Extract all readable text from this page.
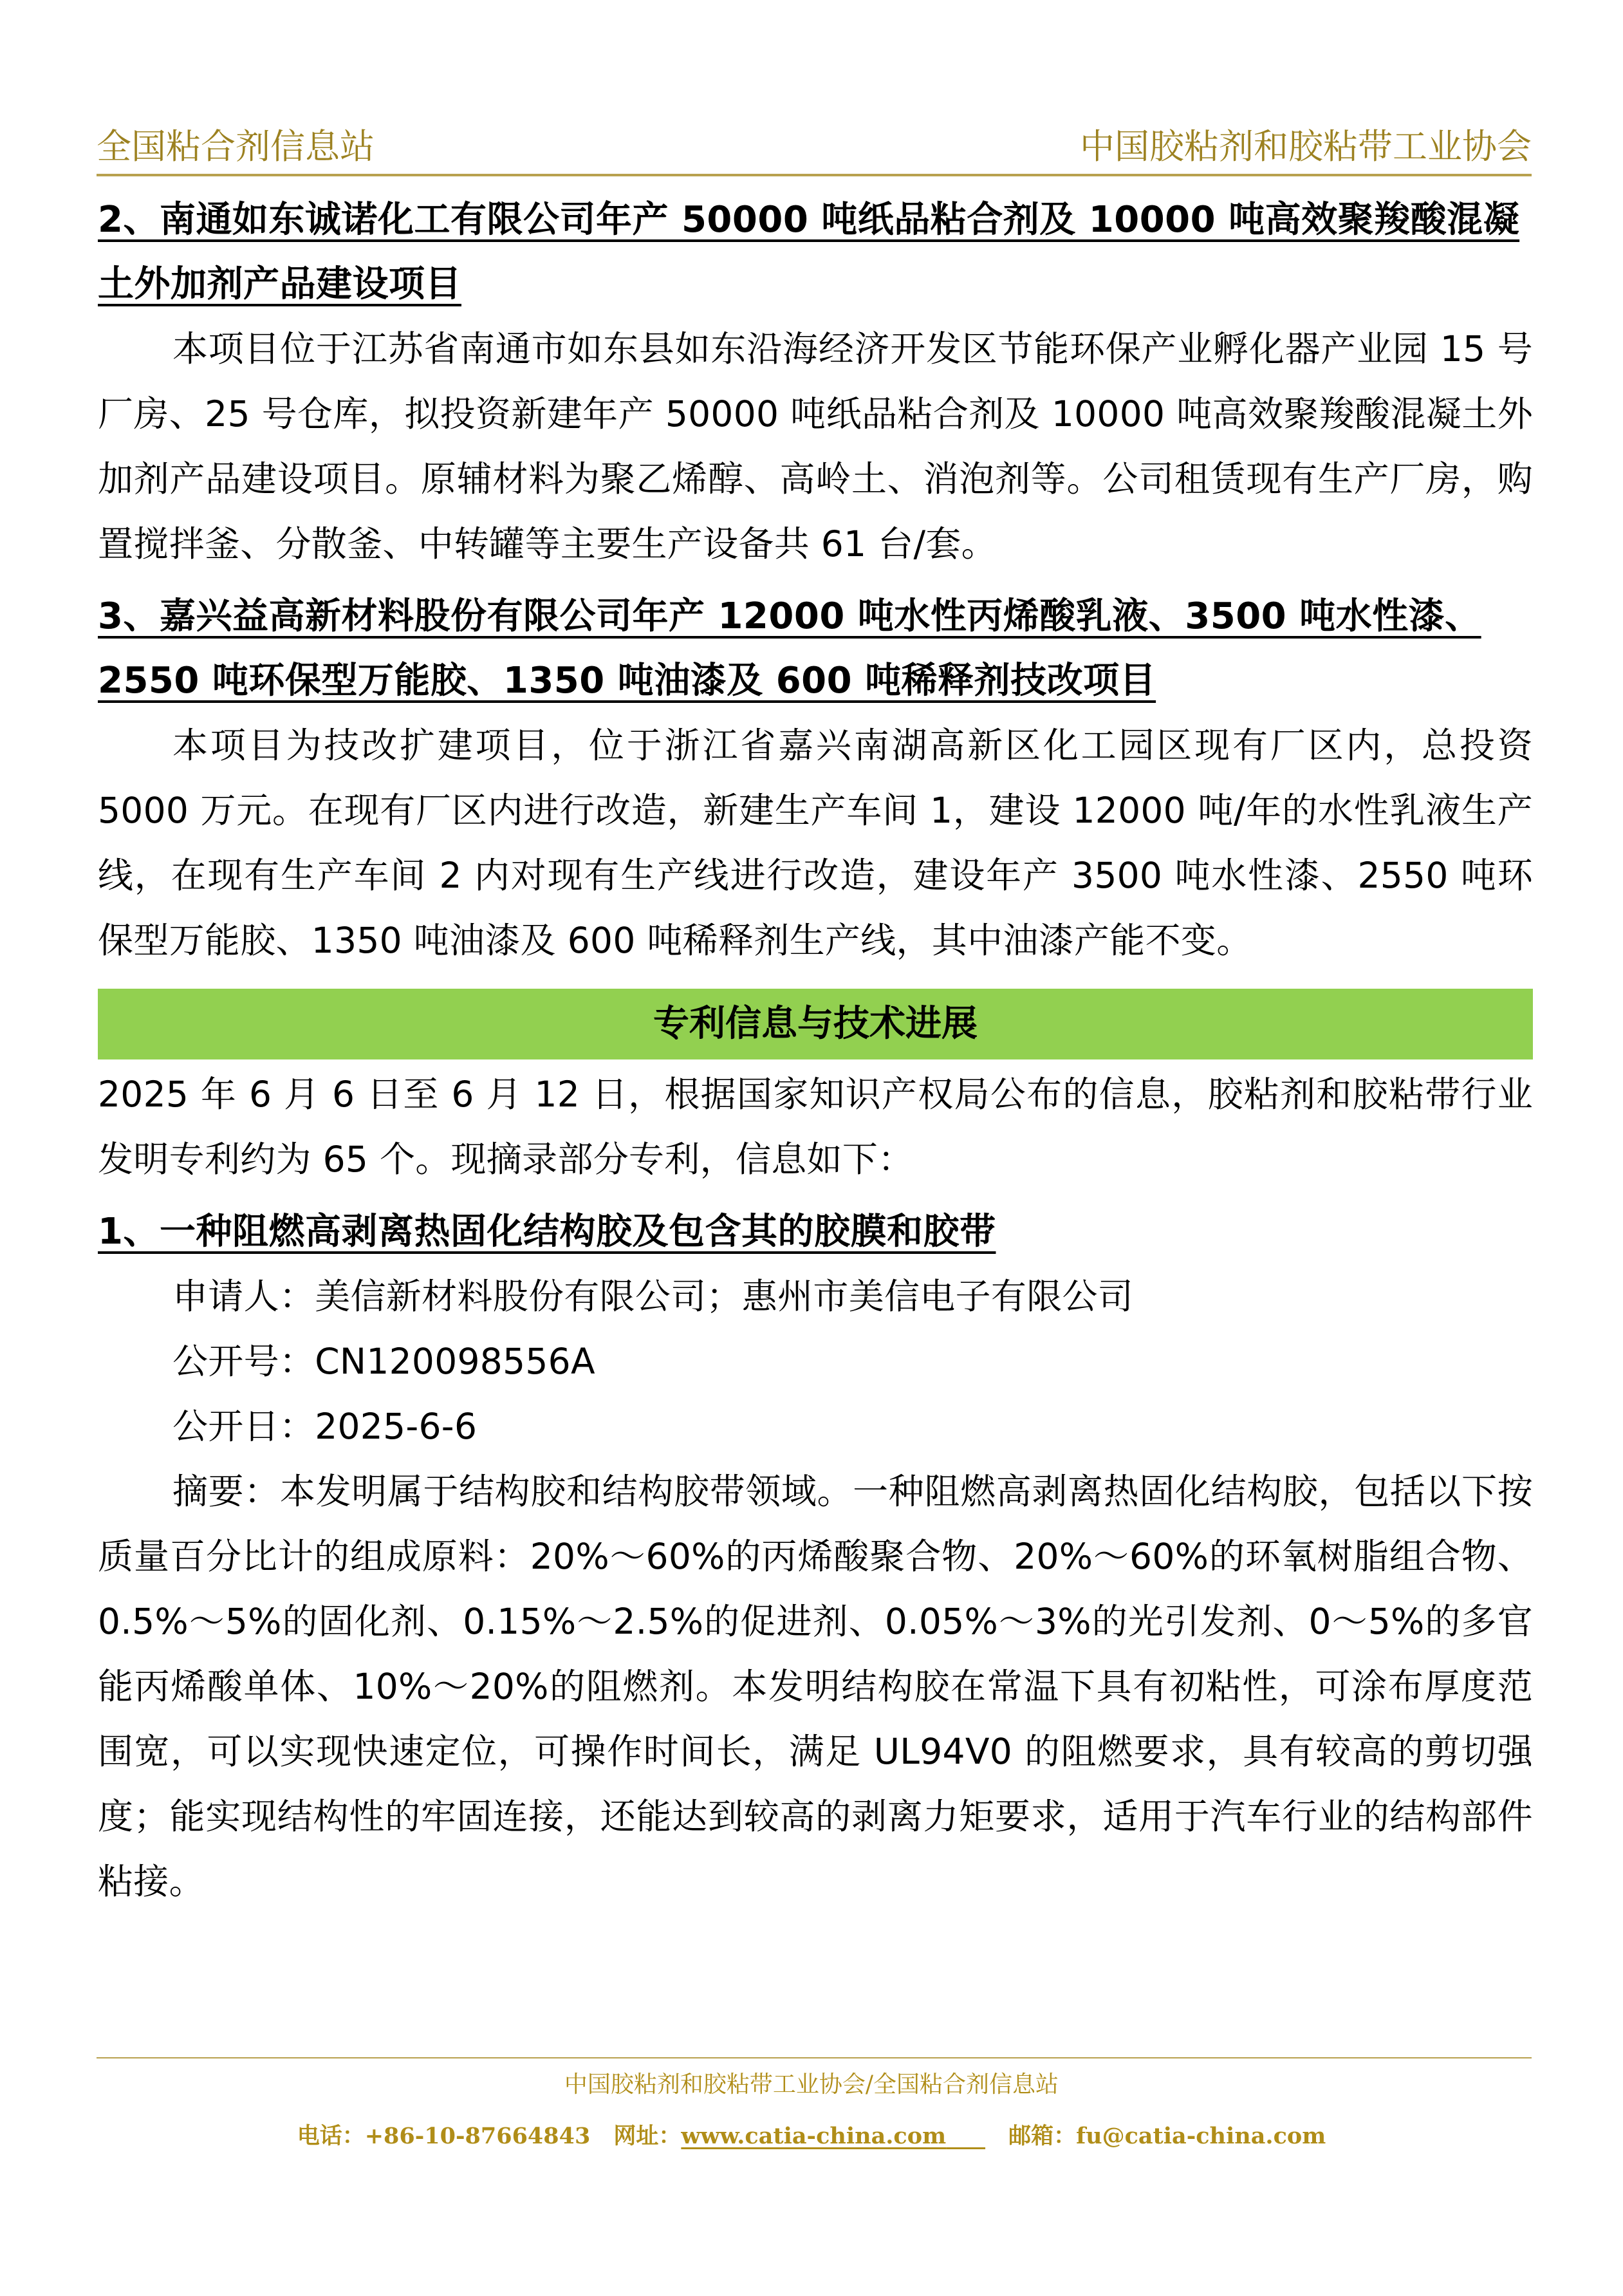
全国粘合剂信息站	中国胶粘剂和胶粘带工业协会

2、南通如东诚诺化工有限公司年产 50000 吨纸品粘合剂及 10000 吨高效聚羧酸混凝

土外加剂产品建设项目

本项目位于江苏省南通市如东县如东沿海经济开发区节能环保产业孵化器产业园 15 号厂房、25 号仓库，拟投资新建年产 50000 吨纸品粘合剂及 10000 吨高效聚羧酸混凝土外加剂产品建设项目。原辅材料为聚乙烯醇、高岭土、消泡剂等。公司租赁现有生产厂房，购置搅拌釜、分散釜、中转罐等主要生产设备共 61 台/套。

3、嘉兴益高新材料股份有限公司年产 12000 吨水性丙烯酸乳液、3500 吨水性漆、

2550 吨环保型万能胶、1350 吨油漆及 600 吨稀释剂技改项目

本项目为技改扩建项目，位于浙江省嘉兴南湖高新区化工园区现有厂区内，总投资 5000 万元。在现有厂区内进行改造，新建生产车间 1，建设 12000 吨/年的水性乳液生产线，在现有生产车间 2 内对现有生产线进行改造，建设年产 3500 吨水性漆、2550 吨环保型万能胶、1350 吨油漆及 600 吨稀释剂生产线，其中油漆产能不变。

专利信息与技术进展

2025 年 6 月 6 日至 6 月 12 日，根据国家知识产权局公布的信息，胶粘剂和胶粘带行业发明专利约为 65 个。现摘录部分专利，信息如下：

1、一种阻燃高剥离热固化结构胶及包含其的胶膜和胶带

申请人：美信新材料股份有限公司；惠州市美信电子有限公司

公开号：CN120098556A

公开日：2025-6-6

摘要：本发明属于结构胶和结构胶带领域。一种阻燃高剥离热固化结构胶，包括以下按质量百分比计的组成原料：20%～60%的丙烯酸聚合物、20%～60%的环氧树脂组合物、0.5%～5%的固化剂、0.15%～2.5%的促进剂、0.05%～3%的光引发剂、0～5%的多官能丙烯酸单体、10%～20%的阻燃剂。本发明结构胶在常温下具有初粘性，可涂布厚度范围宽，可以实现快速定位，可操作时间长，满足 UL94V0 的阻燃要求，具有较高的剪切强度；能实现结构性的牢固连接，还能达到较高的剥离力矩要求，适用于汽车行业的结构部件粘接。

中国胶粘剂和胶粘带工业协会/全国粘合剂信息站
电话：+86-10-87664843 网址：www.catia-china.com	邮箱：fu@catia-china.com
